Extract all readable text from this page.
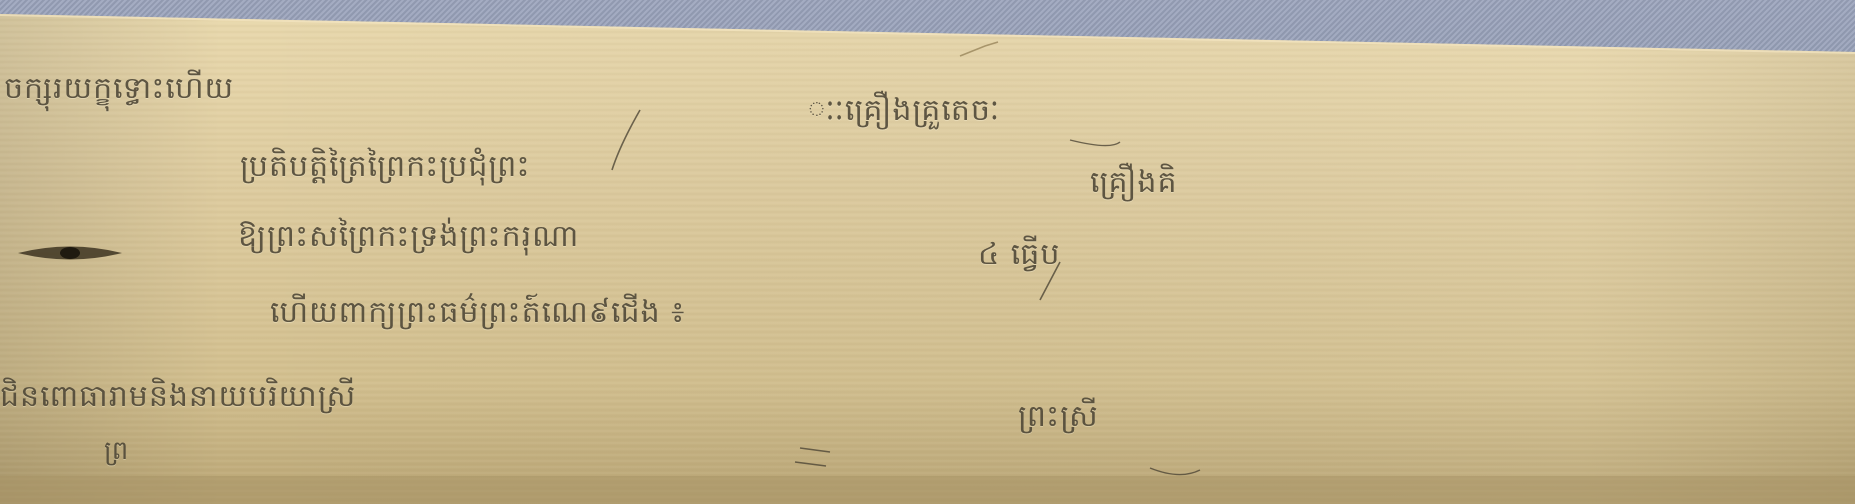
ចក្សុរយក្ខុទ្ធោះហើយ
ៈៈគ្រឿងគ្រួតេចៈ
ប្រតិបត្តិត្រៃព្រៃកះប្រជុំព្រះ	គ្រឿងគិ
ឱ្យព្រះសព្រៃកះទ្រង់ព្រះករុណា
៤ ធ្វើប
ហើយពាក្យព្រះធម៌ព្រះត៍ណេ៩ជើង ៖
ជិនពោធារាមនិងនាយបរិយាស្រី
ព្រះស្រី
ព្រ
